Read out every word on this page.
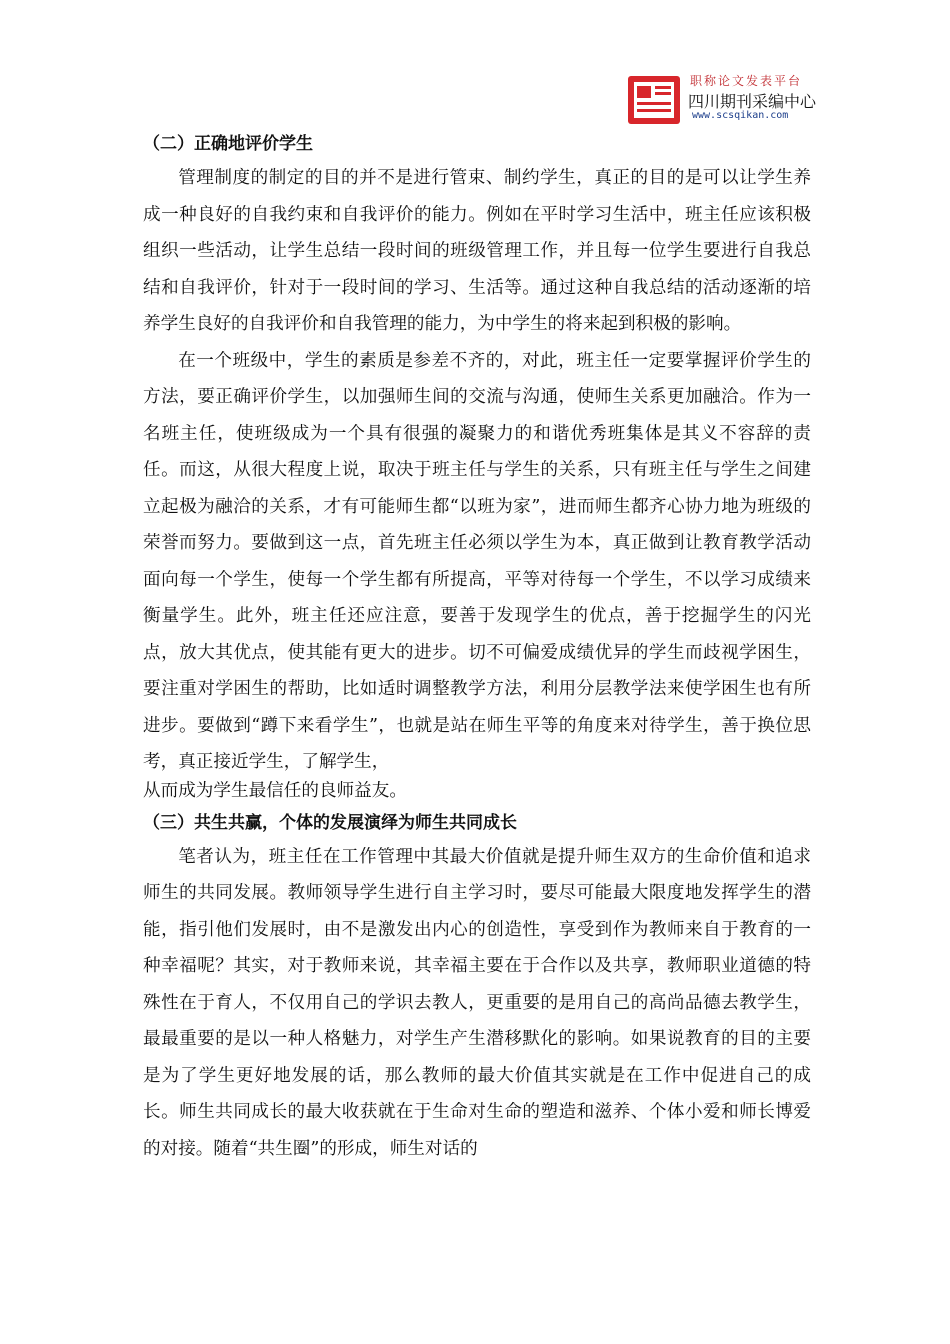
职称论文发表平台
四川期刊采编中心
www.scsqikan.com
（二）正确地评价学生

管理制度的制定的目的并不是进行管束、制约学生，真正的目的是可以让学生养成一种良好的自我约束和自我评价的能力。例如在平时学习生活中，班主任应该积极组织一些活动，让学生总结一段时间的班级管理工作，并且每一位学生要进行自我总结和自我评价，针对于一段时间的学习、生活等。通过这种自我总结的活动逐渐的培养学生良好的自我评价和自我管理的能力，为中学生的将来起到积极的影响。

在一个班级中，学生的素质是参差不齐的，对此，班主任一定要掌握评价学生的方法，要正确评价学生，以加强师生间的交流与沟通，使师生关系更加融洽。作为一名班主任，使班级成为一个具有很强的凝聚力的和谐优秀班集体是其义不容辞的责任。而这，从很大程度上说，取决于班主任与学生的关系，只有班主任与学生之间建立起极为融洽的关系，才有可能师生都“以班为家”，进而师生都齐心协力地为班级的荣誉而努力。要做到这一点，首先班主任必须以学生为本，真正做到让教育教学活动面向每一个学生，使每一个学生都有所提高，平等对待每一个学生，不以学习成绩来衡量学生。此外，班主任还应注意，要善于发现学生的优点，善于挖掘学生的闪光点，放大其优点，使其能有更大的进步。切不可偏爱成绩优异的学生而歧视学困生，要注重对学困生的帮助，比如适时调整教学方法，利用分层教学法来使学困生也有所进步。要做到“蹲下来看学生”，也就是站在师生平等的角度来对待学生，善于换位思考，真正接近学生，了解学生，

从而成为学生最信任的良师益友。

（三）共生共赢，个体的发展演绎为师生共同成长

笔者认为，班主任在工作管理中其最大价值就是提升师生双方的生命价值和追求师生的共同发展。教师领导学生进行自主学习时，要尽可能最大限度地发挥学生的潜能，指引他们发展时，由不是激发出内心的创造性，享受到作为教师来自于教育的一种幸福呢？其实，对于教师来说，其幸福主要在于合作以及共享，教师职业道德的特殊性在于育人，不仅用自己的学识去教人，更重要的是用自己的高尚品德去教学生，最最重要的是以一种人格魅力，对学生产生潜移默化的影响。如果说教育的目的主要是为了学生更好地发展的话，那么教师的最大价值其实就是在工作中促进自己的成长。师生共同成长的最大收获就在于生命对生命的塑造和滋养、个体小爱和师长博爱的对接。随着“共生圈”的形成，师生对话的
